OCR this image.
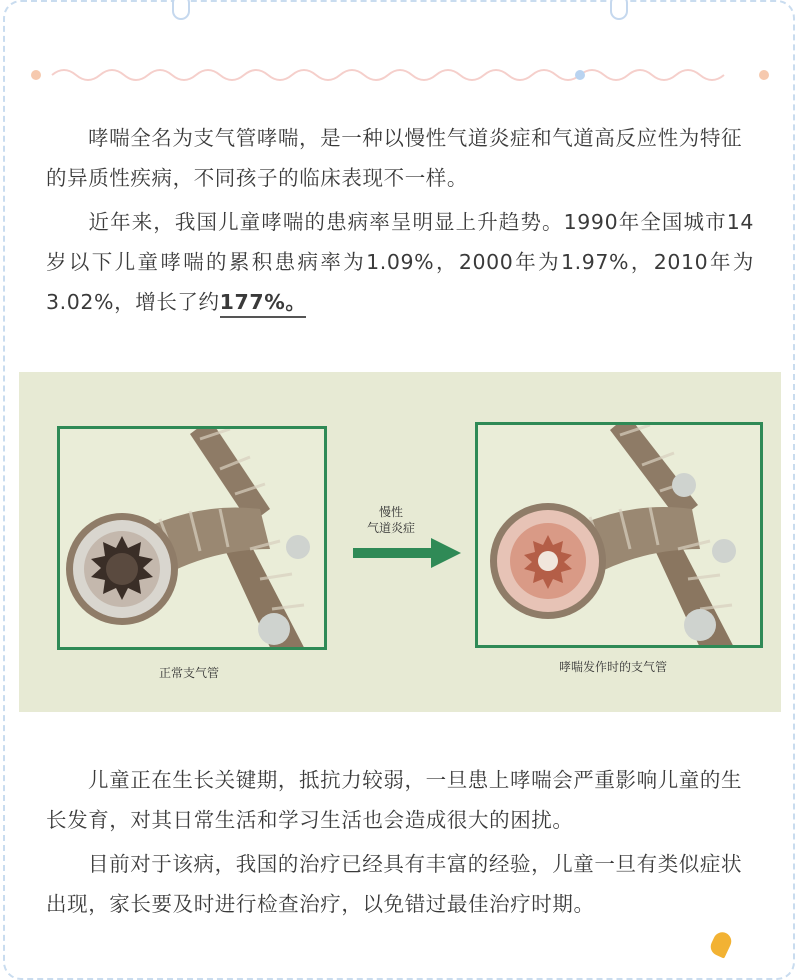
哮喘全名为支气管哮喘，是一种以慢性气道炎症和气道高反应性为特征的异质性疾病，不同孩子的临床表现不一样。

近年来，我国儿童哮喘的患病率呈明显上升趋势。1990年全国城市14岁以下儿童哮喘的累积患病率为1.09%，2000年为1.97%，2010年为3.02%，增长了约177%。

慢性
气道炎症
正常支气管	哮喘发作时的支气管

儿童正在生长关键期，抵抗力较弱，一旦患上哮喘会严重影响儿童的生长发育，对其日常生活和学习生活也会造成很大的困扰。

目前对于该病，我国的治疗已经具有丰富的经验，儿童一旦有类似症状出现，家长要及时进行检查治疗，以免错过最佳治疗时期。
